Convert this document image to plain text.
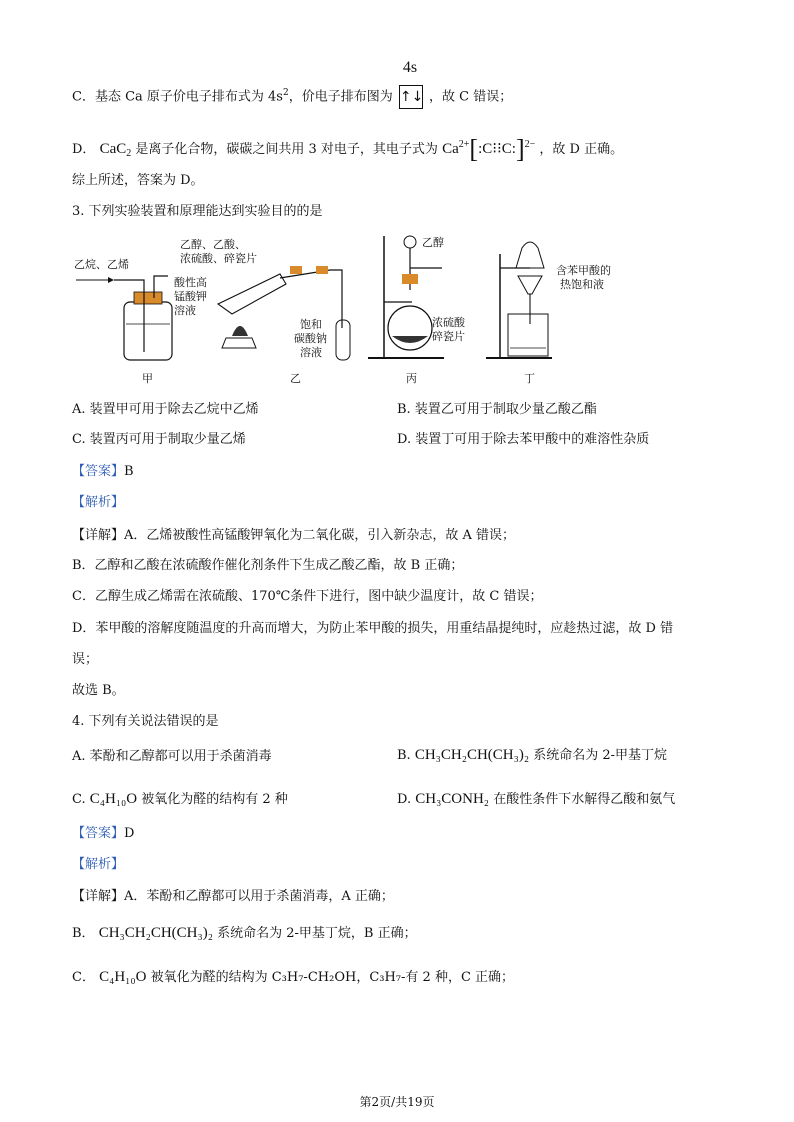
C．基态 Ca 原子价电子排布式为 $4s^2$，价电子排布图为
4s
↑↓ ，故 C 错误；
D． CaC$_2$ 是离子化合物，碳碳之间共用 3 对电子，其电子式为 $Ca^{2+}[:C⁝⁝C:]^{2-}$ ，故 D 正确。
综上所述，答案为 D。
3. 下列实验装置和原理能达到实验目的的是
乙烷、乙烯
酸性高
锰酸钾
溶液
甲
乙醇、乙酸、
浓硫酸、碎瓷片
饱和
碳酸钠
溶液
乙
乙醇
浓硫酸
碎瓷片
丙
含苯甲酸的
热饱和液
丁
A. 装置甲可用于除去乙烷中乙烯	B. 装置乙可用于制取少量乙酸乙酯
C. 装置丙可用于制取少量乙烯	D. 装置丁可用于除去苯甲酸中的难溶性杂质
【答案】B
【解析】
【详解】A．乙烯被酸性高锰酸钾氧化为二氧化碳，引入新杂志，故 A 错误；
B．乙醇和乙酸在浓硫酸作催化剂条件下生成乙酸乙酯，故 B 正确；
C．乙醇生成乙烯需在浓硫酸、170℃条件下进行，图中缺少温度计，故 C 错误；
D．苯甲酸的溶解度随温度的升高而增大，为防止苯甲酸的损失，用重结晶提纯时，应趁热过滤，故 D 错
误；
故选 B。
4. 下列有关说法错误的是
A. 苯酚和乙醇都可以用于杀菌消毒	B. CH₃CH₂CH(CH₃)₂ 系统命名为 2-甲基丁烷
C. C₄H₁₀O 被氧化为醛的结构有 2 种	D. CH₃CONH₂ 在酸性条件下水解得乙酸和氨气
【答案】D
【解析】
【详解】A．苯酚和乙醇都可以用于杀菌消毒，A 正确；
B． CH₃CH₂CH(CH₃)₂ 系统命名为 2-甲基丁烷，B 正确；
C． C₄H₁₀O 被氧化为醛的结构为 C₃H₇-CH₂OH，C₃H₇-有 2 种，C 正确；
第2页/共19页
